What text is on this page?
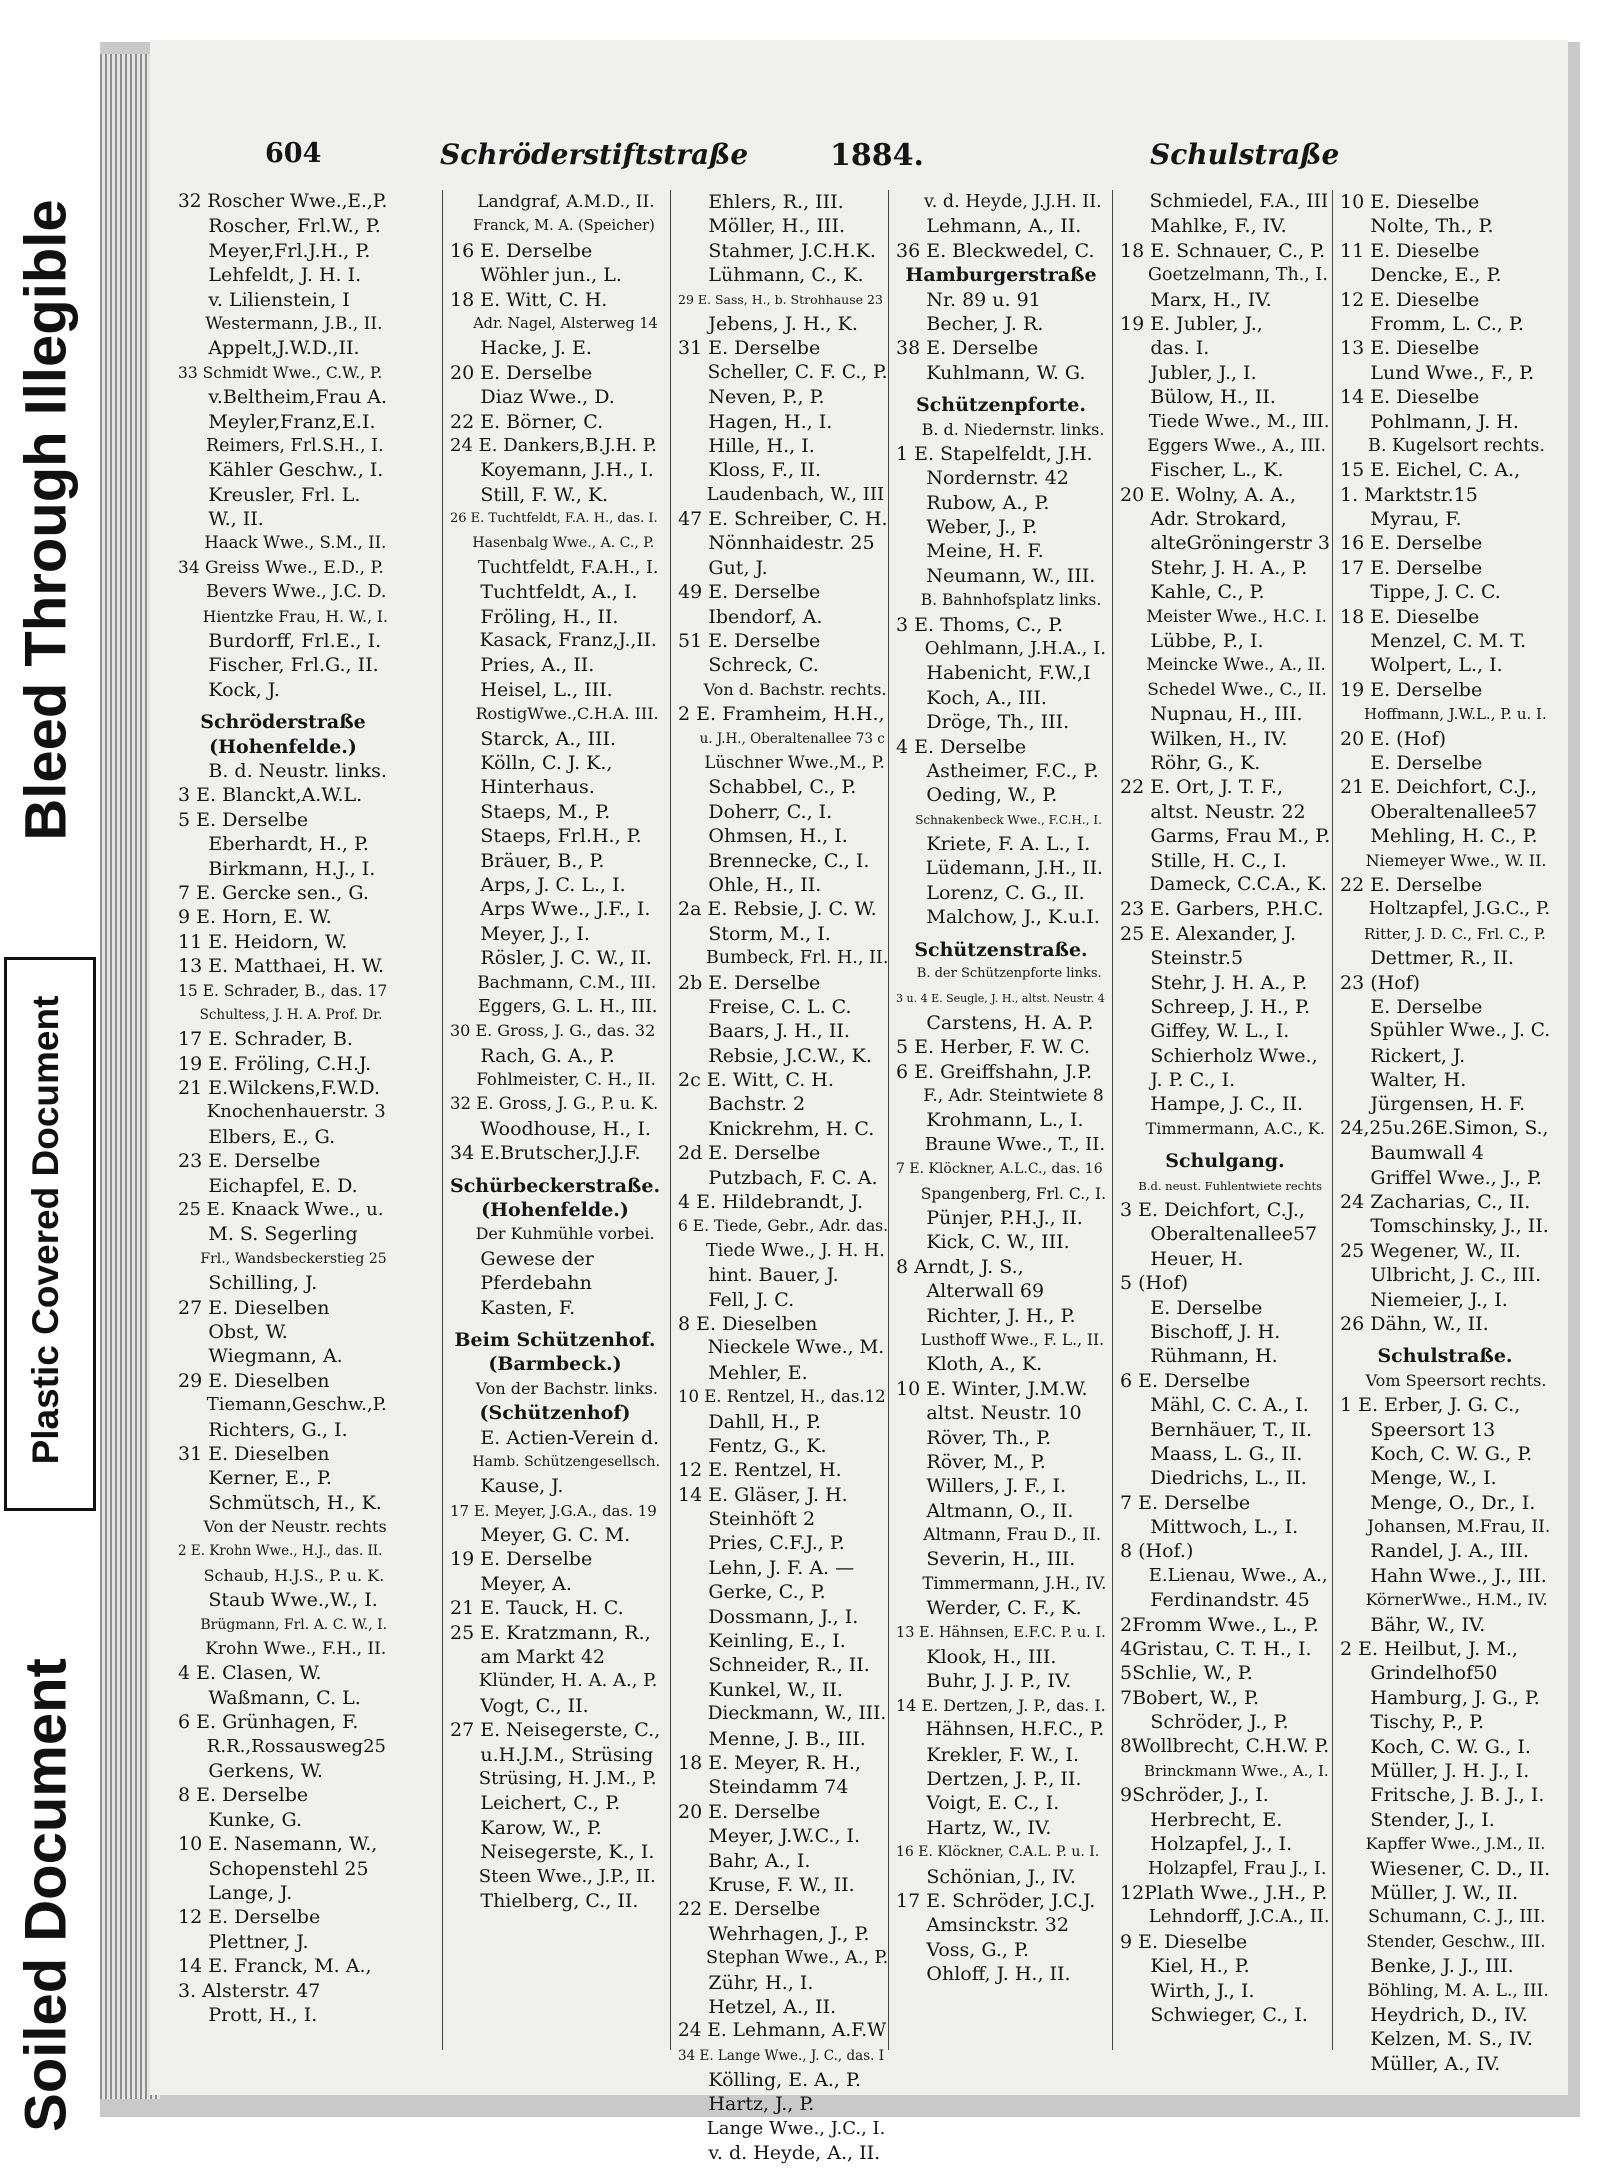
Bleed Through Illegible
Plastic Covered Document
Soiled Document
604	Schröderstiftstraße	1884.	Schulstraße
32 Roscher Wwe.,E.,P.
Roscher, Frl.W., P.
Meyer,Frl.J.H., P.
Lehfeldt, J. H. I.
v. Lilienstein, I
Westermann, J.B., II.
Appelt,J.W.D.,II.
33 Schmidt Wwe., C.W., P.
v.Beltheim,Frau A.
Meyler,Franz,E.I.
Reimers, Frl.S.H., I.
Kähler Geschw., I.
Kreusler, Frl. L.
W., II.
Haack Wwe., S.M., II.
34 Greiss Wwe., E.D., P.
Bevers Wwe., J.C. D.
Hientzke Frau, H. W., I.
Burdorff, Frl.E., I.
Fischer, Frl.G., II.
Kock, J.
Schröderstraße
(Hohenfelde.)
B. d. Neustr. links.
3 E. Blanckt,A.W.L.
5 E. Derselbe
Eberhardt, H., P.
Birkmann, H.J., I.
7 E. Gercke sen., G.
9 E. Horn, E. W.
11 E. Heidorn, W.
13 E. Matthaei, H. W.
15 E. Schrader, B., das. 17
Schultess, J. H. A. Prof. Dr.
17 E. Schrader, B.
19 E. Fröling, C.H.J.
21 E.Wilckens,F.W.D.
Knochenhauerstr. 3
Elbers, E., G.
23 E. Derselbe
Eichapfel, E. D.
25 E. Knaack Wwe., u.
M. S. Segerling
Frl., Wandsbeckerstieg 25
Schilling, J.
27 E. Dieselben
Obst, W.
Wiegmann, A.
29 E. Dieselben
Tiemann,Geschw.,P.
Richters, G., I.
31 E. Dieselben
Kerner, E., P.
Schmütsch, H., K.
Von der Neustr. rechts
2 E. Krohn Wwe., H.J., das. II.
Schaub, H.J.S., P. u. K.
Staub Wwe.,W., I.
Brügmann, Frl. A. C. W., I.
Krohn Wwe., F.H., II.
4 E. Clasen, W.
Waßmann, C. L.
6 E. Grünhagen, F.
R.R.,Rossausweg25
Gerkens, W.
8 E. Derselbe
Kunke, G.
10 E. Nasemann, W.,
Schopenstehl 25
Lange, J.
12 E. Derselbe
Plettner, J.
14 E. Franck, M. A.,
3. Alsterstr. 47
Prott, H., I.
Landgraf, A.M.D., II.
Franck, M. A. (Speicher)
16 E. Derselbe
Wöhler jun., L.
18 E. Witt, C. H.
Adr. Nagel, Alsterweg 14
Hacke, J. E.
20 E. Derselbe
Diaz Wwe., D.
22 E. Börner, C.
24 E. Dankers,B.J.H. P.
Koyemann, J.H., I.
Still, F. W., K.
26 E. Tuchtfeldt, F.A. H., das. I.
Hasenbalg Wwe., A. C., P.
Tuchtfeldt, F.A.H., I.
Tuchtfeldt, A., I.
Fröling, H., II.
Kasack, Franz,J.,II.
Pries, A., II.
Heisel, L., III.
RostigWwe.,C.H.A. III.
Starck, A., III.
Kölln, C. J. K.,
Hinterhaus.
Staeps, M., P.
Staeps, Frl.H., P.
Bräuer, B., P.
Arps, J. C. L., I.
Arps Wwe., J.F., I.
Meyer, J., I.
Rösler, J. C. W., II.
Bachmann, C.M., III.
Eggers, G. L. H., III.
30 E. Gross, J. G., das. 32
Rach, G. A., P.
Fohlmeister, C. H., II.
32 E. Gross, J. G., P. u. K.
Woodhouse, H., I.
34 E.Brutscher,J.J.F.
Schürbeckerstraße.
(Hohenfelde.)
Der Kuhmühle vorbei.
Gewese der
Pferdebahn
Kasten, F.
Beim Schützenhof.
(Barmbeck.)
Von der Bachstr. links.
(Schützenhof)
E. Actien-Verein d.
Hamb. Schützengesellsch.
Kause, J.
17 E. Meyer, J.G.A., das. 19
Meyer, G. C. M.
19 E. Derselbe
Meyer, A.
21 E. Tauck, H. C.
25 E. Kratzmann, R.,
am Markt 42
Klünder, H. A. A., P.
Vogt, C., II.
27 E. Neisegerste, C.,
u.H.J.M., Strüsing
Strüsing, H. J.M., P.
Leichert, C., P.
Karow, W., P.
Neisegerste, K., I.
Steen Wwe., J.P., II.
Thielberg, C., II.
Ehlers, R., III.
Möller, H., III.
Stahmer, J.C.H.K.
Lühmann, C., K.
29 E. Sass, H., b. Strohhause 23
Jebens, J. H., K.
31 E. Derselbe
Scheller, C. F. C., P.
Neven, P., P.
Hagen, H., I.
Hille, H., I.
Kloss, F., II.
Laudenbach, W., III
47 E. Schreiber, C. H.
Nönnhaidestr. 25
Gut, J.
49 E. Derselbe
Ibendorf, A.
51 E. Derselbe
Schreck, C.
Von d. Bachstr. rechts.
2 E. Framheim, H.H.,
u. J.H., Oberaltenallee 73 c
Lüschner Wwe.,M., P.
Schabbel, C., P.
Doherr, C., I.
Ohmsen, H., I.
Brennecke, C., I.
Ohle, H., II.
2a E. Rebsie, J. C. W.
Storm, M., I.
Bumbeck, Frl. H., II.
2b E. Derselbe
Freise, C. L. C.
Baars, J. H., II.
Rebsie, J.C.W., K.
2c E. Witt, C. H.
Bachstr. 2
Knickrehm, H. C.
2d E. Derselbe
Putzbach, F. C. A.
4 E. Hildebrandt, J.
6 E. Tiede, Gebr., Adr. das.
Tiede Wwe., J. H. H.
hint. Bauer, J.
Fell, J. C.
8 E. Dieselben
Nieckele Wwe., M.
Mehler, E.
10 E. Rentzel, H., das.12
Dahll, H., P.
Fentz, G., K.
12 E. Rentzel, H.
14 E. Gläser, J. H.
Steinhöft 2
Pries, C.F.J., P.
Lehn, J. F. A. —
Gerke, C., P.
Dossmann, J., I.
Keinling, E., I.
Schneider, R., II.
Kunkel, W., II.
Dieckmann, W., III.
Menne, J. B., III.
18 E. Meyer, R. H.,
Steindamm 74
20 E. Derselbe
Meyer, J.W.C., I.
Bahr, A., I.
Kruse, F. W., II.
22 E. Derselbe
Wehrhagen, J., P.
Stephan Wwe., A., P.
Zühr, H., I.
Hetzel, A., II.
24 E. Lehmann, A.F.W
34 E. Lange Wwe., J. C., das. I
Kölling, E. A., P.
Hartz, J., P.
Lange Wwe., J.C., I.
v. d. Heyde, A., II.
v. d. Heyde, J.J.H. II.
Lehmann, A., II.
36 E. Bleckwedel, C.
Hamburgerstraße
Nr. 89 u. 91
Becher, J. R.
38 E. Derselbe
Kuhlmann, W. G.
Schützenpforte.
B. d. Niedernstr. links.
1 E. Stapelfeldt, J.H.
Nordernstr. 42
Rubow, A., P.
Weber, J., P.
Meine, H. F.
Neumann, W., III.
B. Bahnhofsplatz links.
3 E. Thoms, C., P.
Oehlmann, J.H.A., I.
Habenicht, F.W.,I
Koch, A., III.
Dröge, Th., III.
4 E. Derselbe
Astheimer, F.C., P.
Oeding, W., P.
Schnakenbeck Wwe., F.C.H., I.
Kriete, F. A. L., I.
Lüdemann, J.H., II.
Lorenz, C. G., II.
Malchow, J., K.u.I.
Schützenstraße.
B. der Schützenpforte links.
3 u. 4 E. Seugle, J. H., altst. Neustr. 4
Carstens, H. A. P.
5 E. Herber, F. W. C.
6 E. Greiffshahn, J.P.
F., Adr. Steintwiete 8
Krohmann, L., I.
Braune Wwe., T., II.
7 E. Klöckner, A.L.C., das. 16
Spangenberg, Frl. C., I.
Pünjer, P.H.J., II.
Kick, C. W., III.
8 Arndt, J. S.,
Alterwall 69
Richter, J. H., P.
Lusthoff Wwe., F. L., II.
Kloth, A., K.
10 E. Winter, J.M.W.
altst. Neustr. 10
Röver, Th., P.
Röver, M., P.
Willers, J. F., I.
Altmann, O., II.
Altmann, Frau D., II.
Severin, H., III.
Timmermann, J.H., IV.
Werder, C. F., K.
13 E. Hähnsen, E.F.C. P. u. I.
Klook, H., III.
Buhr, J. J. P., IV.
14 E. Dertzen, J. P., das. I.
Hähnsen, H.F.C., P.
Krekler, F. W., I.
Dertzen, J. P., II.
Voigt, E. C., I.
Hartz, W., IV.
16 E. Klöckner, C.A.L. P. u. I.
Schönian, J., IV.
17 E. Schröder, J.C.J.
Amsinckstr. 32
Voss, G., P.
Ohloff, J. H., II.
Schmiedel, F.A., III
Mahlke, F., IV.
18 E. Schnauer, C., P.
Goetzelmann, Th., I.
Marx, H., IV.
19 E. Jubler, J.,
das. I.
Jubler, J., I.
Bülow, H., II.
Tiede Wwe., M., III.
Eggers Wwe., A., III.
Fischer, L., K.
20 E. Wolny, A. A.,
Adr. Strokard,
alteGröningerstr 3
Stehr, J. H. A., P.
Kahle, C., P.
Meister Wwe., H.C. I.
Lübbe, P., I.
Meincke Wwe., A., II.
Schedel Wwe., C., II.
Nupnau, H., III.
Wilken, H., IV.
Röhr, G., K.
22 E. Ort, J. T. F.,
altst. Neustr. 22
Garms, Frau M., P.
Stille, H. C., I.
Dameck, C.C.A., K.
23 E. Garbers, P.H.C.
25 E. Alexander, J.
Steinstr.5
Stehr, J. H. A., P.
Schreep, J. H., P.
Giffey, W. L., I.
Schierholz Wwe.,
J. P. C., I.
Hampe, J. C., II.
Timmermann, A.C., K.
Schulgang.
B.d. neust. Fuhlentwiete rechts
3 E. Deichfort, C.J.,
Oberaltenallee57
Heuer, H.
5 (Hof)
E. Derselbe
Bischoff, J. H.
Rühmann, H.
6 E. Derselbe
Mähl, C. C. A., I.
Bernhäuer, T., II.
Maass, L. G., II.
Diedrichs, L., II.
7 E. Derselbe
Mittwoch, L., I.
8 (Hof.)
E.Lienau, Wwe., A.,
Ferdinandstr. 45
2Fromm Wwe., L., P.
4Gristau, C. T. H., I.
5Schlie, W., P.
7Bobert, W., P.
Schröder, J., P.
8Wollbrecht, C.H.W. P.
Brinckmann Wwe., A., I.
9Schröder, J., I.
Herbrecht, E.
Holzapfel, J., I.
Holzapfel, Frau J., I.
12Plath Wwe., J.H., P.
Lehndorff, J.C.A., II.
9 E. Dieselbe
Kiel, H., P.
Wirth, J., I.
Schwieger, C., I.
10 E. Dieselbe
Nolte, Th., P.
11 E. Dieselbe
Dencke, E., P.
12 E. Dieselbe
Fromm, L. C., P.
13 E. Dieselbe
Lund Wwe., F., P.
14 E. Dieselbe
Pohlmann, J. H.
B. Kugelsort rechts.
15 E. Eichel, C. A.,
1. Marktstr.15
Myrau, F.
16 E. Derselbe
17 E. Derselbe
Tippe, J. C. C.
18 E. Dieselbe
Menzel, C. M. T.
Wolpert, L., I.
19 E. Derselbe
Hoffmann, J.W.L., P. u. I.
20 E. (Hof)
E. Derselbe
21 E. Deichfort, C.J.,
Oberaltenallee57
Mehling, H. C., P.
Niemeyer Wwe., W. II.
22 E. Derselbe
Holtzapfel, J.G.C., P.
Ritter, J. D. C., Frl. C., P.
Dettmer, R., II.
23 (Hof)
E. Derselbe
Spühler Wwe., J. C.
Rickert, J.
Walter, H.
Jürgensen, H. F.
24,25u.26E.Simon, S.,
Baumwall 4
Griffel Wwe., J., P.
24 Zacharias, C., II.
Tomschinsky, J., II.
25 Wegener, W., II.
Ulbricht, J. C., III.
Niemeier, J., I.
26 Dähn, W., II.
Schulstraße.
Vom Speersort rechts.
1 E. Erber, J. G. C.,
Speersort 13
Koch, C. W. G., P.
Menge, W., I.
Menge, O., Dr., I.
Johansen, M.Frau, II.
Randel, J. A., III.
Hahn Wwe., J., III.
KörnerWwe., H.M., IV.
Bähr, W., IV.
2 E. Heilbut, J. M.,
Grindelhof50
Hamburg, J. G., P.
Tischy, P., P.
Koch, C. W. G., I.
Müller, J. H. J., I.
Fritsche, J. B. J., I.
Stender, J., I.
Kapffer Wwe., J.M., II.
Wiesener, C. D., II.
Müller, J. W., II.
Schumann, C. J., III.
Stender, Geschw., III.
Benke, J. J., III.
Böhling, M. A. L., III.
Heydrich, D., IV.
Kelzen, M. S., IV.
Müller, A., IV.
